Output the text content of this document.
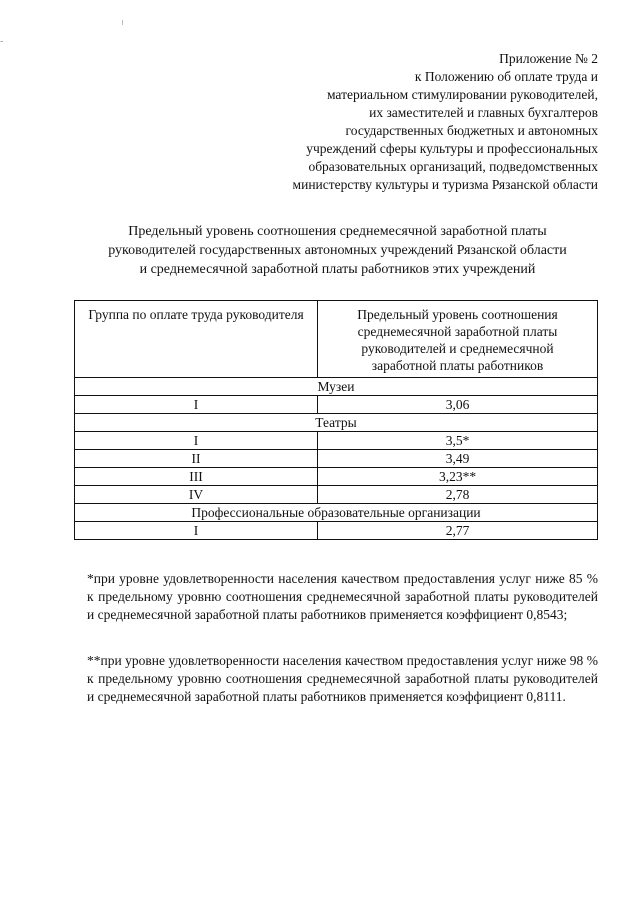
-
Приложение № 2
к Положению об оплате труда и
материальном стимулировании руководителей,
их заместителей и главных бухгалтеров
государственных бюджетных и автономных
учреждений сферы культуры и профессиональных
образовательных организаций, подведомственных
министерству культуры и туризма Рязанской области
Предельный уровень соотношения среднемесячной заработной платы
руководителей государственных автономных учреждений Рязанской области
и среднемесячной заработной платы работников этих учреждений
Группа по оплате труда руководителя	Предельный уровень соотношения
среднемесячной заработной платы
руководителей и среднемесячной
заработной платы работников

Музеи	
I	3,06
Театры	
I	3,5*
II	3,49
III	3,23**
IV	2,78
Профессиональные образовательные организации	
I	2,77

*при уровне удовлетворенности населения качеством предоставления услуг ниже 85 % к предельному уровню соотношения среднемесячной заработной платы руководителей и среднемесячной заработной платы работников применяется коэффициент 0,8543;

**при уровне удовлетворенности населения качеством предоставления услуг ниже 98 % к предельному уровню соотношения среднемесячной заработной платы руководителей и среднемесячной заработной платы работников применяется коэффициент 0,8111.
